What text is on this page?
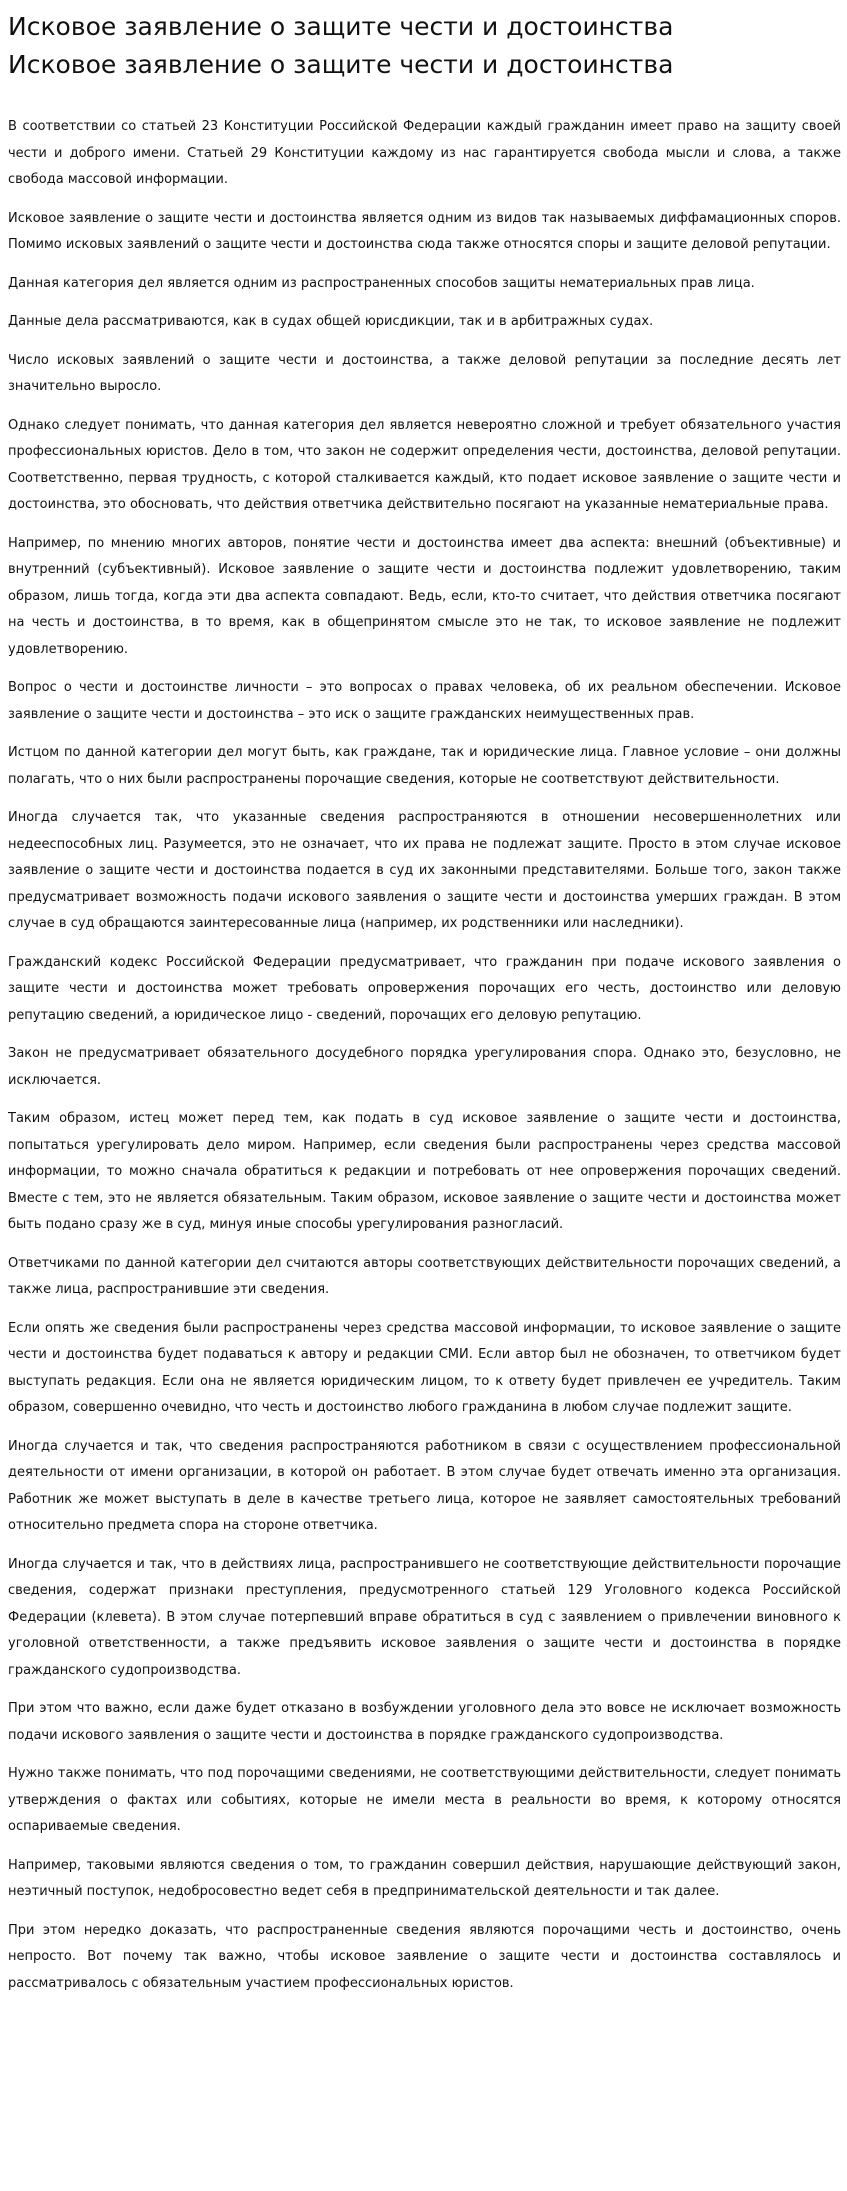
Исковое заявление о защите чести и достоинства
Исковое заявление о защите чести и достоинства

В соответствии со статьей 23 Конституции Российской Федерации каждый гражданин имеет право на защиту своей чести и доброго имени. Статьей 29 Конституции каждому из нас гарантируется свобода мысли и слова, а также свобода массовой информации.

Исковое заявление о защите чести и достоинства является одним из видов так называемых диффамационных споров. Помимо исковых заявлений о защите чести и достоинства сюда также относятся споры и защите деловой репутации.

Данная категория дел является одним из распространенных способов защиты нематериальных прав лица.

Данные дела рассматриваются, как в судах общей юрисдикции, так и в арбитражных судах.

Число исковых заявлений о защите чести и достоинства, а также деловой репутации за последние десять лет значительно выросло.

Однако следует понимать, что данная категория дел является невероятно сложной и требует обязательного участия профессиональных юристов. Дело в том, что закон не содержит определения чести, достоинства, деловой репутации. Соответственно, первая трудность, с которой сталкивается каждый, кто подает исковое заявление о защите чести и достоинства, это обосновать, что действия ответчика действительно посягают на указанные нематериальные права.

Например, по мнению многих авторов, понятие чести и достоинства имеет два аспекта: внешний (объективные) и внутренний (субъективный). Исковое заявление о защите чести и достоинства подлежит удовлетворению, таким образом, лишь тогда, когда эти два аспекта совпадают. Ведь, если, кто-то считает, что действия ответчика посягают на честь и достоинства, в то время, как в общепринятом смысле это не так, то исковое заявление не подлежит удовлетворению.

Вопрос о чести и достоинстве личности – это вопросах о правах человека, об их реальном обеспечении. Исковое заявление о защите чести и достоинства – это иск о защите гражданских неимущественных прав.

Истцом по данной категории дел могут быть, как граждане, так и юридические лица. Главное условие – они должны полагать, что о них были распространены порочащие сведения, которые не соответствуют действительности.

Иногда случается так, что указанные сведения распространяются в отношении несовершеннолетних или недееспособных лиц. Разумеется, это не означает, что их права не подлежат защите. Просто в этом случае исковое заявление о защите чести и достоинства подается в суд их законными представителями. Больше того, закон также предусматривает возможность подачи искового заявления о защите чести и достоинства умерших граждан. В этом случае в суд обращаются заинтересованные лица (например, их родственники или наследники).

Гражданский кодекс Российской Федерации предусматривает, что гражданин при подаче искового заявления о защите чести и достоинства может требовать опровержения порочащих его честь, достоинство или деловую репутацию сведений, а юридическое лицо - сведений, порочащих его деловую репутацию.

Закон не предусматривает обязательного досудебного порядка урегулирования спора. Однако это, безусловно, не исключается.

Таким образом, истец может перед тем, как подать в суд исковое заявление о защите чести и достоинства, попытаться урегулировать дело миром. Например, если сведения были распространены через средства массовой информации, то можно сначала обратиться к редакции и потребовать от нее опровержения порочащих сведений. Вместе с тем, это не является обязательным. Таким образом, исковое заявление о защите чести и достоинства может быть подано сразу же в суд, минуя иные способы урегулирования разногласий.

Ответчиками по данной категории дел считаются авторы соответствующих действительности порочащих сведений, а также лица, распространившие эти сведения.

Если опять же сведения были распространены через средства массовой информации, то исковое заявление о защите чести и достоинства будет подаваться к автору и редакции СМИ. Если автор был не обозначен, то ответчиком будет выступать редакция. Если она не является юридическим лицом, то к ответу будет привлечен ее учредитель. Таким образом, совершенно очевидно, что честь и достоинство любого гражданина в любом случае подлежит защите.

Иногда случается и так, что сведения распространяются работником в связи с осуществлением профессиональной деятельности от имени организации, в которой он работает. В этом случае будет отвечать именно эта организация. Работник же может выступать в деле в качестве третьего лица, которое не заявляет самостоятельных требований относительно предмета спора на стороне ответчика.

Иногда случается и так, что в действиях лица, распространившего не соответствующие действительности порочащие сведения, содержат признаки преступления, предусмотренного статьей 129 Уголовного кодекса Российской Федерации (клевета). В этом случае потерпевший вправе обратиться в суд с заявлением о привлечении виновного к уголовной ответственности, а также предъявить исковое заявления о защите чести и достоинства в порядке гражданского судопроизводства.

При этом что важно, если даже будет отказано в возбуждении уголовного дела это вовсе не исключает возможность подачи искового заявления о защите чести и достоинства в порядке гражданского судопроизводства.

Нужно также понимать, что под порочащими сведениями, не соответствующими действительности, следует понимать утверждения о фактах или событиях, которые не имели места в реальности во время, к которому относятся оспариваемые сведения.

Например, таковыми являются сведения о том, то гражданин совершил действия, нарушающие действующий закон, неэтичный поступок, недобросовестно ведет себя в предпринимательской деятельности и так далее.

При этом нередко доказать, что распространенные сведения являются порочащими честь и достоинство, очень непросто. Вот почему так важно, чтобы исковое заявление о защите чести и достоинства составлялось и рассматривалось с обязательным участием профессиональных юристов.
